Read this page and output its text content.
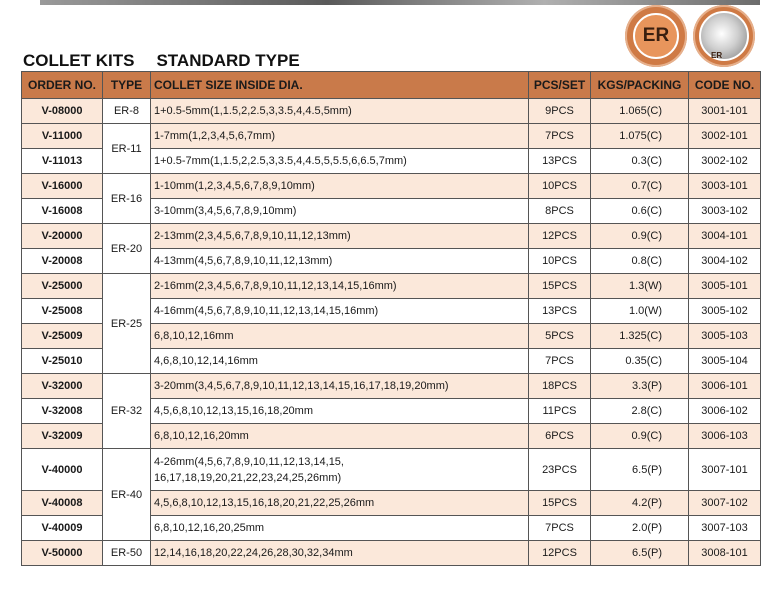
ER
ER
COLLET KITS STANDARD TYPE
ORDER NO.	TYPE	COLLET SIZE INSIDE DIA.	PCS/SET	KGS/PACKING	CODE NO.
V-08000	ER-8	1+0.5-5mm(1,1.5,2,2.5,3,3.5,4,4.5,5mm)	9PCS	1.065(C)	3001-101
V-11000	ER-11	1-7mm(1,2,3,4,5,6,7mm)	7PCS	1.075(C)	3002-101
V-11013		1+0.5-7mm(1,1.5,2,2.5,3,3.5,4,4.5,5,5.5,6,6.5,7mm)	13PCS	0.3(C)	3002-102
V-16000	ER-16	1-10mm(1,2,3,4,5,6,7,8,9,10mm)	10PCS	0.7(C)	3003-101
V-16008		3-10mm(3,4,5,6,7,8,9,10mm)	8PCS	0.6(C)	3003-102
V-20000	ER-20	2-13mm(2,3,4,5,6,7,8,9,10,11,12,13mm)	12PCS	0.9(C)	3004-101
V-20008		4-13mm(4,5,6,7,8,9,10,11,12,13mm)	10PCS	0.8(C)	3004-102
V-25000	ER-25	2-16mm(2,3,4,5,6,7,8,9,10,11,12,13,14,15,16mm)	15PCS	1.3(W)	3005-101
V-25008		4-16mm(4,5,6,7,8,9,10,11,12,13,14,15,16mm)	13PCS	1.0(W)	3005-102
V-25009		6,8,10,12,16mm	5PCS	1.325(C)	3005-103
V-25010		4,6,8,10,12,14,16mm	7PCS	0.35(C)	3005-104
V-32000	ER-32	3-20mm(3,4,5,6,7,8,9,10,11,12,13,14,15,16,17,18,19,20mm)	18PCS	3.3(P)	3006-101
V-32008		4,5,6,8,10,12,13,15,16,18,20mm	11PCS	2.8(C)	3006-102
V-32009		6,8,10,12,16,20mm	6PCS	0.9(C)	3006-103
V-40000	ER-40	4-26mm(4,5,6,7,8,9,10,11,12,13,14,15,
16,17,18,19,20,21,22,23,24,25,26mm)	23PCS	6.5(P)	3007-101
V-40008		4,5,6,8,10,12,13,15,16,18,20,21,22,25,26mm	15PCS	4.2(P)	3007-102
V-40009		6,8,10,12,16,20,25mm	7PCS	2.0(P)	3007-103
V-50000	ER-50	12,14,16,18,20,22,24,26,28,30,32,34mm	12PCS	6.5(P)	3008-101
